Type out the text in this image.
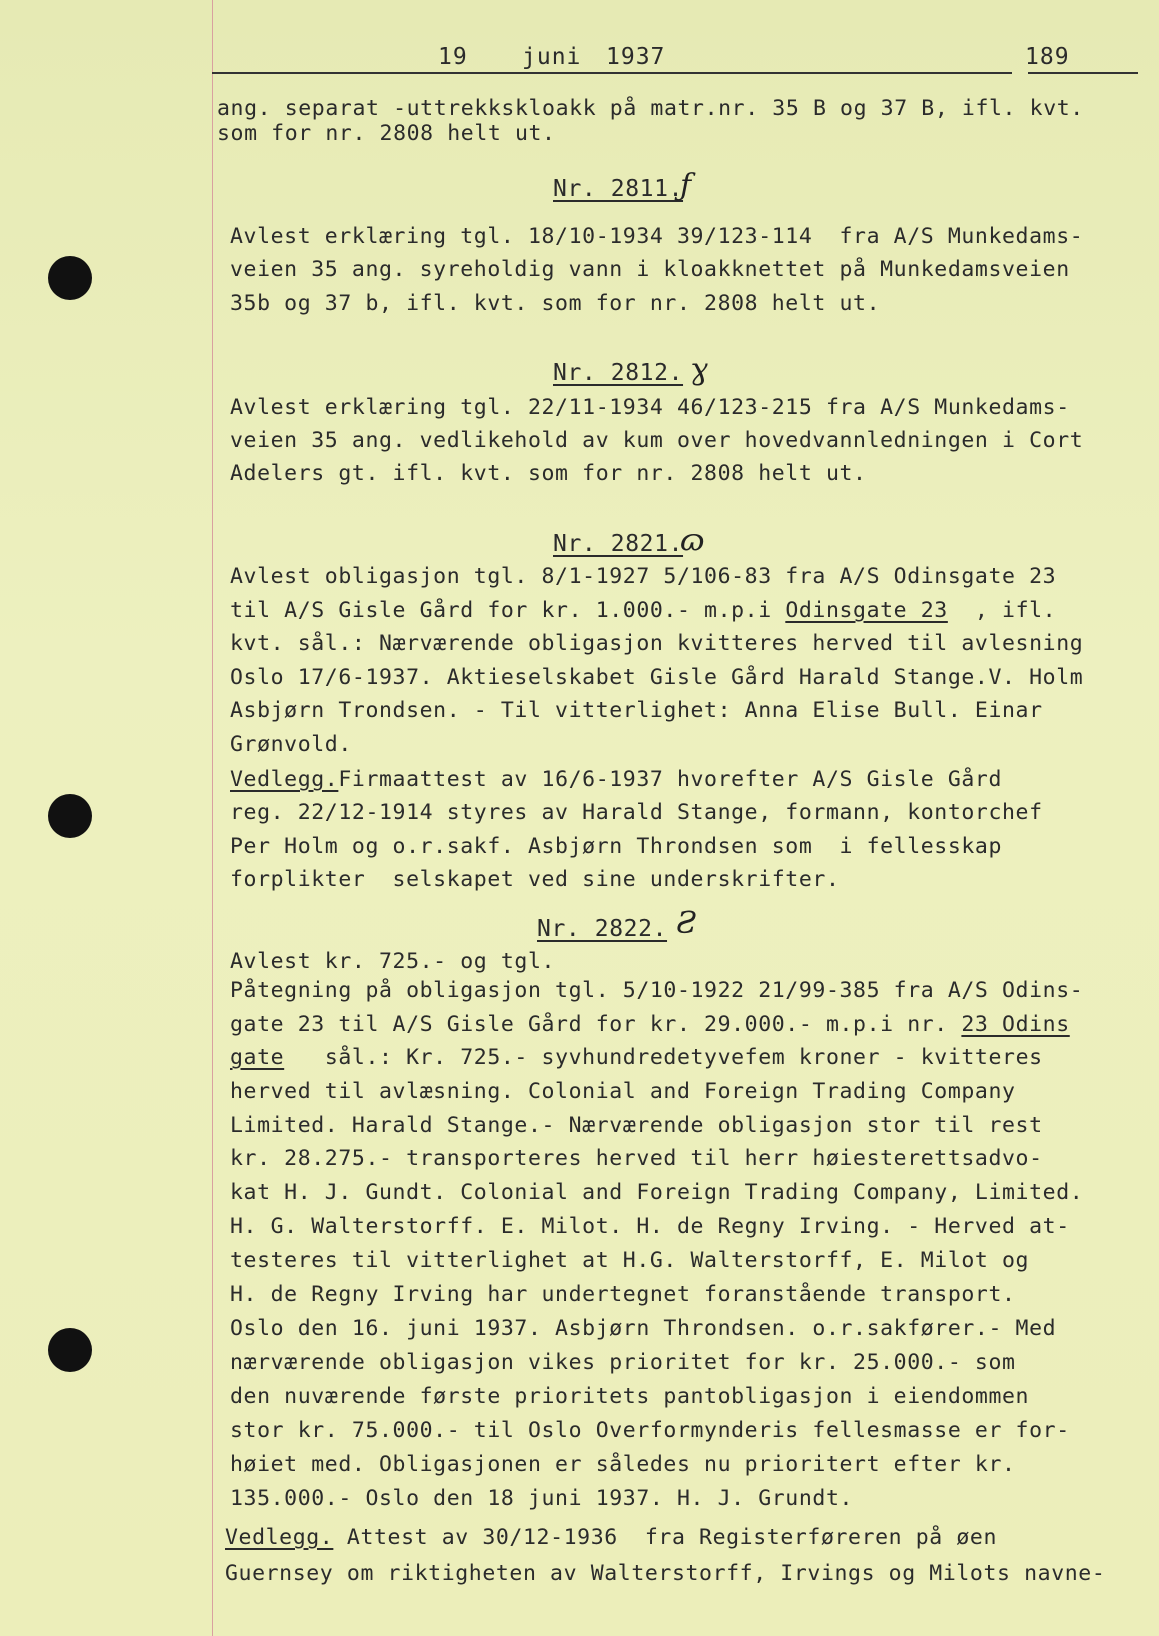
19 juni 1937	189
ang. separat -uttrekkskloakk på matr.nr. 35 B og 37 B, ifl. kvt.
som for nr. 2808 helt ut.
Nr. 2811.
ƒ
Avlest erklæring tgl. 18/10-1934 39/123-114  fra A/S Munkedams-
veien 35 ang. syreholdig vann i kloakknettet på Munkedamsveien
35b og 37 b, ifl. kvt. som for nr. 2808 helt ut.
Nr. 2812. ɣ
Avlest erklæring tgl. 22/11-1934 46/123-215 fra A/S Munkedams-
veien 35 ang. vedlikehold av kum over hovedvannledningen i Cort
Adelers gt. ifl. kvt. som for nr. 2808 helt ut.
Nr. 2821.
ɷ
Avlest obligasjon tgl. 8/1-1927 5/106-83 fra A/S Odinsgate 23
til A/S Gisle Gård for kr. 1.000.- m.p.i Odinsgate 23  , ifl.
kvt. sål.: Nærværende obligasjon kvitteres herved til avlesning
Oslo 17/6-1937. Aktieselskabet Gisle Gård Harald Stange.V. Holm
Asbjørn Trondsen. - Til vitterlighet: Anna Elise Bull. Einar
Grønvold.
Vedlegg.Firmaattest av 16/6-1937 hvorefter A/S Gisle Gård
reg. 22/12-1914 styres av Harald Stange, formann, kontorchef
Per Holm og o.r.sakf. Asbjørn Throndsen som  i fellesskap
forplikter  selskapet ved sine underskrifter.
Nr. 2822. Ƨ
Avlest kr. 725.- og tgl.
Påtegning på obligasjon tgl. 5/10-1922 21/99-385 fra A/S Odins-
gate 23 til A/S Gisle Gård for kr. 29.000.- m.p.i nr. 23 Odins
gate   sål.: Kr. 725.- syvhundredetyvefem kroner - kvitteres
herved til avlæsning. Colonial and Foreign Trading Company
Limited. Harald Stange.- Nærværende obligasjon stor til rest
kr. 28.275.- transporteres herved til herr høiesterettsadvo-
kat H. J. Gundt. Colonial and Foreign Trading Company, Limited.
H. G. Walterstorff. E. Milot. H. de Regny Irving. - Herved at-
testeres til vitterlighet at H.G. Walterstorff, E. Milot og
H. de Regny Irving har undertegnet foranstående transport.
Oslo den 16. juni 1937. Asbjørn Throndsen. o.r.sakfører.- Med
nærværende obligasjon vikes prioritet for kr. 25.000.- som
den nuværende første prioritets pantobligasjon i eiendommen
stor kr. 75.000.- til Oslo Overformynderis fellesmasse er for-
høiet med. Obligasjonen er således nu prioritert efter kr.
135.000.- Oslo den 18 juni 1937. H. J. Grundt.
Vedlegg. Attest av 30/12-1936  fra Registerføreren på øen
Guernsey om riktigheten av Walterstorff, Irvings og Milots navne-
